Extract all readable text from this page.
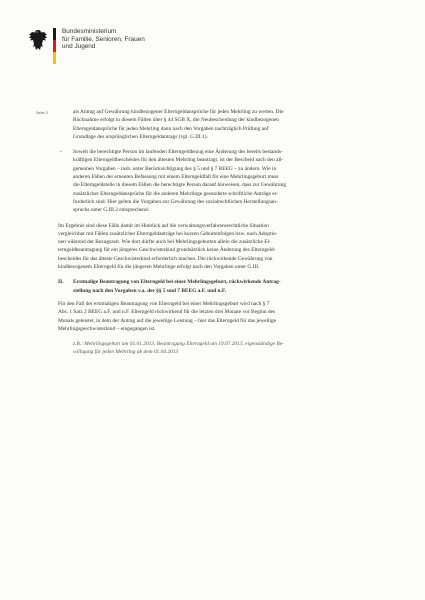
Bundesministerium
für Familie, Senioren, Frauen
und Jugend
Seite 2	als Antrag auf Gewährung kindbezogener Elterngeldansprüche für jeden Mehrling zu werten. Die

Rücknahme erfolgt in diesem Fällen über § 44 SGB X, die Neubescheidung der kindbezogenen

Elterngeldansprüche für jeden Mehrling dann nach den Vorgaben nachträglich Prüfung auf

Grundlage des ursprünglichen Elterngeldantrags (vgl. G.III.1).

- Soweit die berechtigte Person im laufenden Elterngeldbezug eine Änderung des bereits bestands-

kräftigen Elterngeldbescheides für den ältesten Mehrling beantragt, ist der Bescheid nach den all-

gemeinen Vorgaben – insb. unter Berücksichtigung des § 5 und § 7 BEEG – zu ändern. Wie in

anderen Fällen der erneuten Befassung mit einem Elterngeldfall für eine Mehrlingsgeburt muss

die Elterngeldstelle in diesem Fällen die berechtigte Person darauf hinweisen, dass zur Gewährung

zusätzlicher Elterngeldansprüche für die anderen Mehrlinge gesonderte schriftliche Anträge er-

forderlich sind. Hier gelten die Vorgaben zur Gewährung des sozialrechtlichen Herstellungsan-

spruchs unter G.III.2 entsprechend.

Im Ergebnis sind diese Fälle damit im Hinblick auf die verwaltungsverfahrensrechtliche Situation

vergleichbar mit Fällen zusätzlicher Elterngeldanträge bei kurzen Geburtenfolgen bzw. nach Adoptio-

nen während der Bezugszeit. Wie dort dürfte auch bei Mehrlingsgeburten allein die zusätzliche El-

terngeldbeantragung für ein jüngeres Geschwisterkind grundsätzlich keine Änderung des Elterngeld-

bescheides für das älteste Geschwisterkind erforderlich machen. Die rückwirkende Gewährung von

kindbezogenem Elterngeld für die jüngeren Mehrlinge erfolgt nach den Vorgaben unter G.III.

II. Erstmalige Beantragung von Elterngeld bei einer Mehrlingsgeburt, rückwirkende Antrag-

stellung nach den Vorgaben v.a. der §§ 5 und 7 BEEG a.F. und n.F.

Für den Fall der erstmaligen Beantragung von Elterngeld bei einer Mehrlingsgeburt wird nach § 7

Abs. 1 Satz 2 BEEG a.F. und n.F. Elterngeld rückwirkend für die letzten drei Monate vor Beginn des

Monats geleistet, in dem der Antrag auf die jeweilige Leistung – hier das Elterngeld für das jeweilige

Mehrlingsgeschwisterkind – eingegangen ist.

z.B.: Mehrlingsgeburt am 01.01.2013, Beantragung Elterngeld am 19.07.2013, eigenständige Be-

willigung für jeden Mehrling ab dem 01.04.2013
